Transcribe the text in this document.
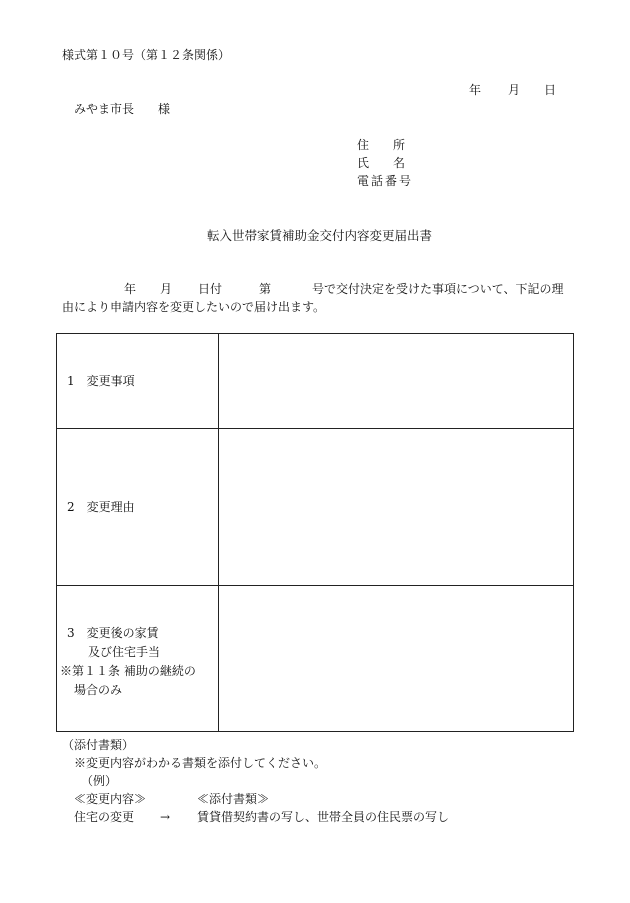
様式第１０号（第１２条関係）
年 月 日
みやま市長　　様
住　　所
氏　　名
電話番号
転入世帯家賃補助金交付内容変更届出書
年 月 日付	第	号で交付決定を受けた事項について、下記の理
由により申請内容を変更したいので届け出ます。
1　変更事項
2　変更理由
3　変更後の家賃
及び住宅手当
※第１１条 補助の継続の
場合のみ
（添付書類）
※変更内容がわかる書類を添付してください。
（例）
≪変更内容≫	≪添付書類≫
住宅の変更 → 賃貸借契約書の写し、世帯全員の住民票の写し
